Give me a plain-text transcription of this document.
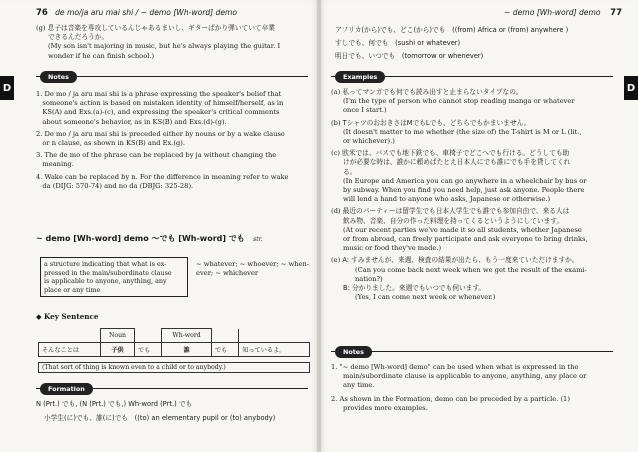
76 de mo/ja aru mai shi / ~ demo [Wh-word] demo
D
(g) 息子は音楽を専攻しているんじゃあるまいし、ギターばかり弾いていて卒業
できるんだろうか。
(My son isn't majoring in music, but he's always playing the guitar. I
wonder if he can finish school.)
Notes
1. De mo / ja aru mai shi is a phrase expressing the speaker's belief that
someone's action is based on mistaken identity of himself/herself, as in
KS(A) and Exs.(a)-(c), and expressing the speaker's critical comments
about someone's behavior, as in KS(B) and Exs.(d)-(g).
2. De mo / ja aru mai shi is preceded either by nouns or by a wake clause
or n clause, as shown in KS(B) and Ex.(g).
3. The de mo of the phrase can be replaced by ja without changing the
meaning.
4. Wake can be replaced by n. For the difference in meaning refer to wake
da (DIJG: 570-74) and no da (DBJG: 325-28).
~ demo [Wh-word] demo ～でも [Wh-word] でも str.
a structure indicating that what is ex-
pressed in the main/subordinate clause
is applicable to anyone, anything, any
place or any time
~ whatever; ~ whoever; ~ when-
ever; ~ whichever
◆ Key Sentence
	Noun		Wh-word		
そんなことは	子供	でも	誰	でも	知っているよ。
(That sort of thing is known even to a child or to anybody.)
Formation
N (Prt.) でも, (N (Prt.) でも,) Wh-word (Prt.) でも
小学生(に)でも、誰(に)でも　((to) an elementary pupil or (to) anybody)
~ demo [Wh-word] demo 77
D
アフリカ(から)でも、どこ(から)でも　((from) Africa or (from) anywhere )
すしでも、何でも　(sushi or whatever)
明日でも、いつでも　(tomorrow or whenever)
Examples
(a) 私ってマンガでも何でも読み出すと止まらないタイプなの。
(I'm the type of person who cannot stop reading manga or whatever
once I start.)
(b) TシャツのおおきさはMでもLでも、どちらでもかまいません。
(It doesn't matter to me whether (the size of) the T-shirt is M or L (lit.,
or whichever).)
(c) 欧米では、バスでも地下鉄でも、車椅子でどこへでも行ける。どうしても助
けが必要な時は、誰かに頼めばたとえ日本人にでも誰にでも手を貸してくれ
る。
(In Europe and America you can go anywhere in a wheelchair by bus or
by subway. When you find you need help, just ask anyone. People there
will lend a hand to anyone who asks, Japanese or otherwise.)
(d) 最近のパーティーは留学生でも日本人学生でも誰でも参加自由で、来る人は
飲み物、音楽、自分の作った料理を持ってくるというようにしています。
(At our recent parties we've made it so all students, whether Japanese
or from abroad, can freely participate and ask everyone to bring drinks,
music or food they've made.)
(e) A: すみませんが、来週、検査の結果が出たら、もう一度来ていただけますか。
(Can you come back next week when we get the result of the exami-
nation?)
B: 分かりました。来週でもいつでも伺います。
(Yes, I can come next week or whenever.)
Notes
1. "~ demo [Wh-word] demo" can be used when what is expressed in the
main/subordinate clause is applicable to anyone, anything, any place or
any time.
2. As shown in the Formation, demo can be preceded by a particle. (1)
provides more examples.
